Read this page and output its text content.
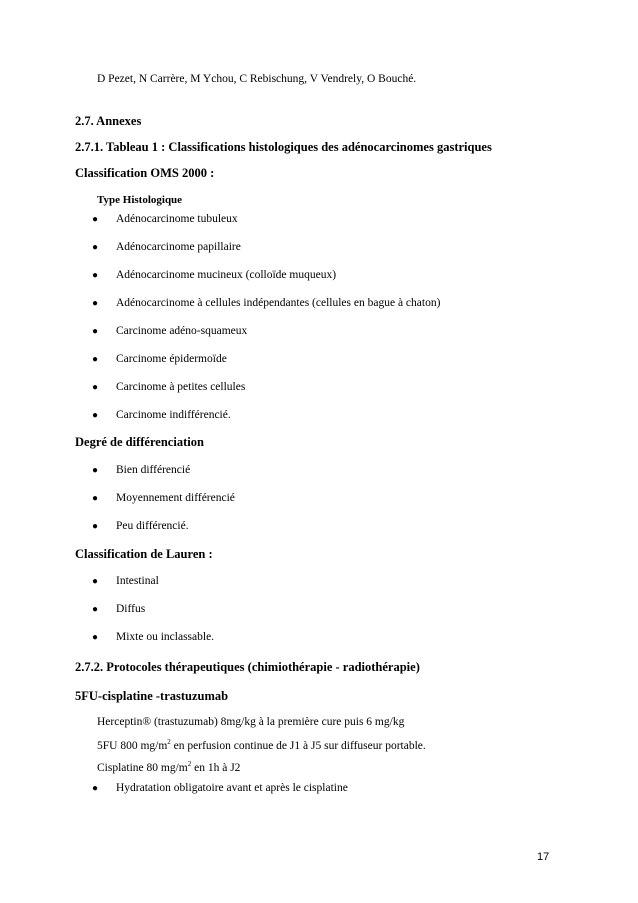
D Pezet, N Carrère, M Ychou, C Rebischung, V Vendrely, O Bouché.
2.7. Annexes
2.7.1. Tableau 1 : Classifications histologiques des adénocarcinomes gastriques
Classification OMS 2000 :
Type Histologique
● Adénocarcinome tubuleux
● Adénocarcinome papillaire
● Adénocarcinome mucineux (colloïde muqueux)
● Adénocarcinome à cellules indépendantes (cellules en bague à chaton)
● Carcinome adéno-squameux
● Carcinome épidermoïde
● Carcinome à petites cellules
● Carcinome indifférencié.
Degré de différenciation
● Bien différencié
● Moyennement différencié
● Peu différencié.
Classification de Lauren :
● Intestinal
● Diffus
● Mixte ou inclassable.
2.7.2. Protocoles thérapeutiques (chimiothérapie - radiothérapie)
5FU-cisplatine -trastuzumab
Herceptin® (trastuzumab) 8mg/kg à la première cure puis 6 mg/kg
5FU 800 $mg/m^2$ en perfusion continue de J1 à J5 sur diffuseur portable.
Cisplatine 80 $mg/m^2$ en 1h à J2
● Hydratation obligatoire avant et après le cisplatine
17
